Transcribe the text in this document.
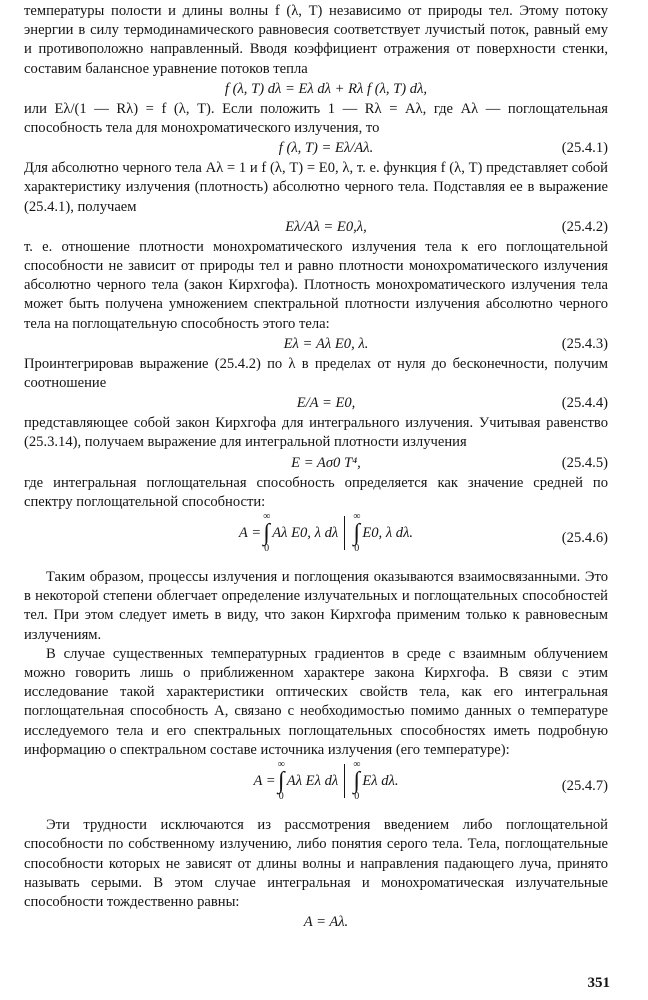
температуры полости и длины волны f (λ, T) независимо от природы тел. Этому потоку энергии в силу термодинамического равновесия соответствует лучистый поток, равный ему и противоположно направленный. Вводя коэффициент отражения от поверхности стенки, составим балансное уравнение потоков тепла

f (λ, T) dλ = Eλ dλ + Rλ f (λ, T) dλ,

или Eλ/(1 — Rλ) = f (λ, T). Если положить 1 — Rλ = Aλ, где Aλ — поглощательная способность тела для монохроматического излучения, то

f (λ, T) = Eλ/Aλ.	(25.4.1)

Для абсолютно черного тела Aλ = 1 и f (λ, T) = E0, λ, т. е. функция f (λ, T) представляет собой характеристику излучения (плотность) абсолютно черного тела. Подставляя ее в выражение (25.4.1), получаем

Eλ/Aλ = E0,λ,	(25.4.2)

т. е. отношение плотности монохроматического излучения тела к его поглощательной способности не зависит от природы тел и равно плотности монохроматического излучения абсолютно черного тела (закон Кирхгофа). Плотность монохроматического излучения тела может быть получена умножением спектральной плотности излучения абсолютно черного тела на поглощательную способность этого тела:

Eλ = Aλ E0, λ.	(25.4.3)

Проинтегрировав выражение (25.4.2) по λ в пределах от нуля до бесконечности, получим соотношение

E/A = E0,	(25.4.4)

представляющее собой закон Кирхгофа для интегрального излучения. Учитывая равенство (25.3.14), получаем выражение для интегральной плотности излучения

E = Aσ0 T⁴,	(25.4.5)

где интегральная поглощательная способность определяется как значение средней по спектру поглощательной способности:

A =
∞
∫
0
Aλ E0, λ dλ
∞
∫
0
E0, λ dλ.	(25.4.6)

Таким образом, процессы излучения и поглощения оказываются взаимосвязанными. Это в некоторой степени облегчает определение излучательных и поглощательных способностей тел. При этом следует иметь в виду, что закон Кирхгофа применим только к равновесным излучениям.

В случае существенных температурных градиентов в среде с взаимным облучением можно говорить лишь о приближенном характере закона Кирхгофа. В связи с этим исследование такой характеристики оптических свойств тела, как его интегральная поглощательная способность A, связано с необходимостью помимо данных о температуре исследуемого тела и его спектральных поглощательных способностях иметь подробную информацию о спектральном составе источника излучения (его температуре):

A =
∞
∫
0
Aλ Eλ dλ
∞
∫
0
Eλ dλ.	(25.4.7)

Эти трудности исключаются из рассмотрения введением либо поглощательной способности по собственному излучению, либо понятия серого тела. Тела, поглощательные способности которых не зависят от длины волны и направления падающего луча, принято называть серыми. В этом случае интегральная и монохроматическая излучательные способности тождественно равны:

A = Aλ.
351
